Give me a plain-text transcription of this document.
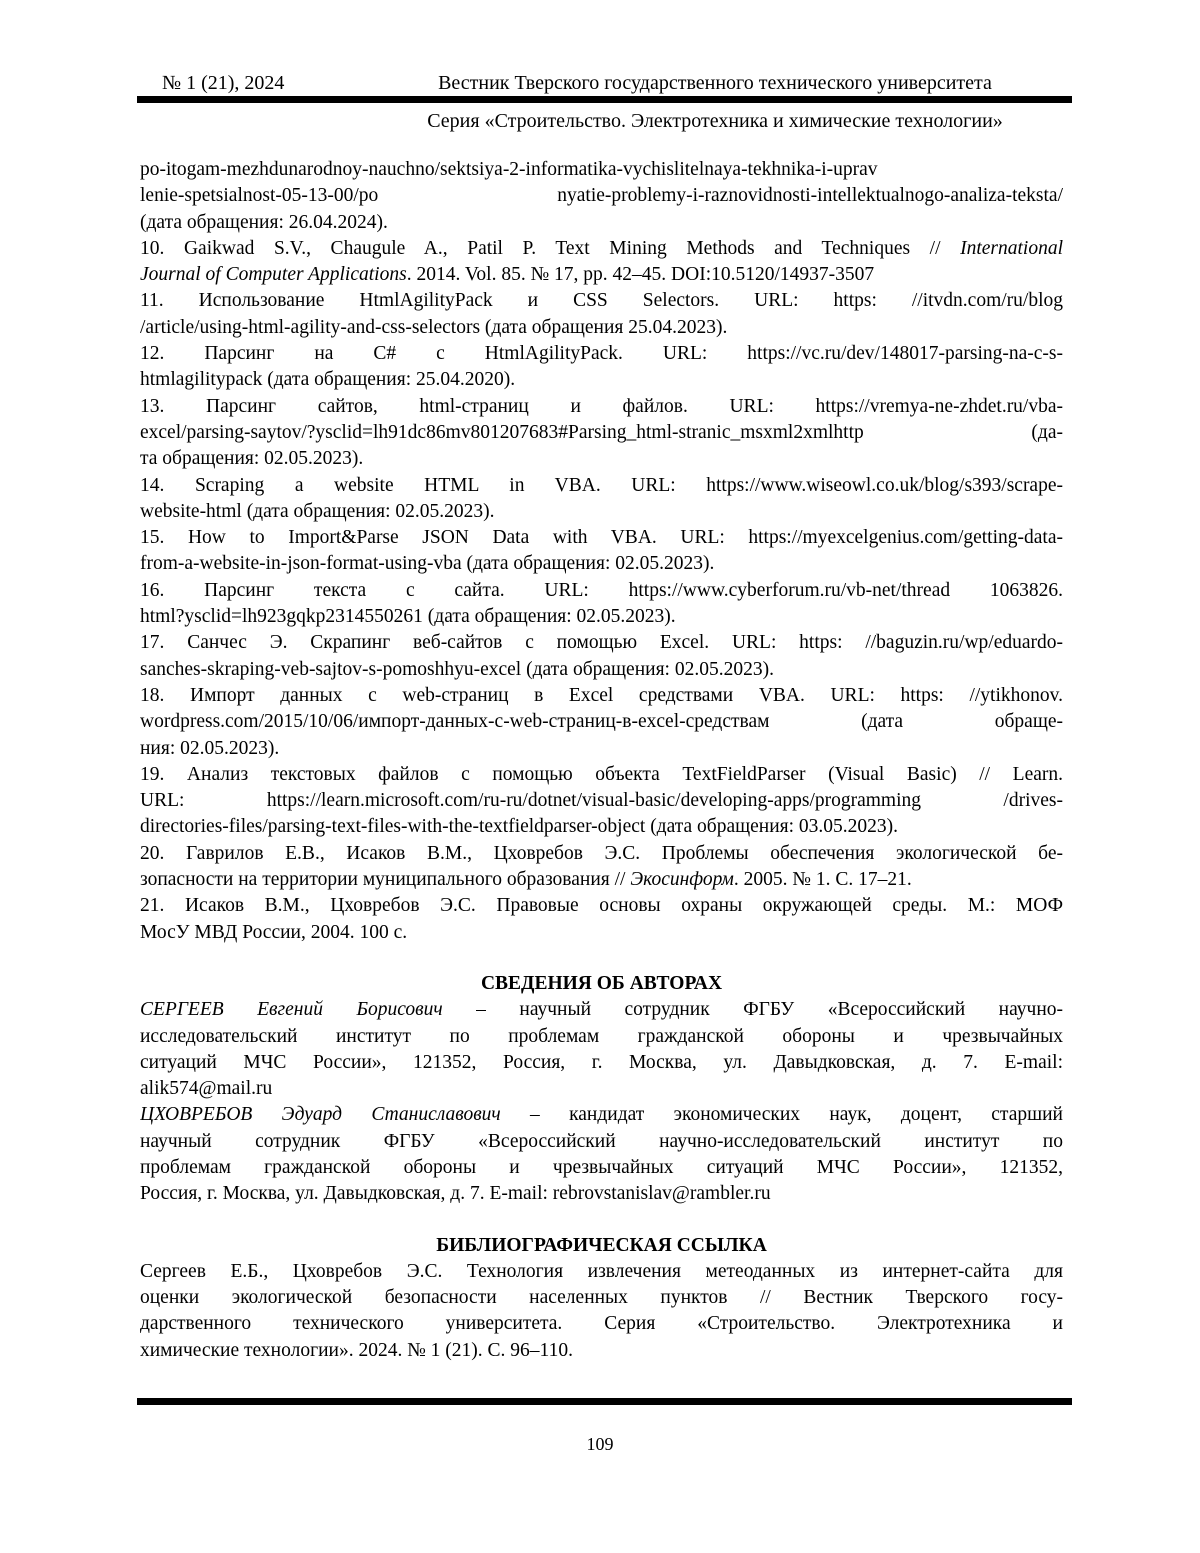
№ 1 (21), 2024	Вестник Тверского государственного технического университета
Серия «Строительство. Электротехника и химические технологии»
po-itogam-mezhdunarodnoy-nauchno/sektsiya-2-informatika-vychislitelnaya-tekhnika-i-uprav
lenie-spetsialnost-05-13-00/po nyatie-problemy-i-raznovidnosti-intellektualnogo-analiza-teksta/
(дата обращения: 26.04.2024).
10. Gaikwad S.V., Chaugule A., Patil P. Text Mining Methods and Techniques // International
Journal of Computer Applications. 2014. Vol. 85. № 17, pp. 42–45. DOI:10.5120/14937-3507
11. Использование HtmlAgilityPack и CSS Selectors. URL: https: //itvdn.com/ru/blog
/article/using-html-agility-and-css-selectors (дата обращения 25.04.2023).
12. Парсинг на C# с HtmlAgilityPack. URL: https://vc.ru/dev/148017-parsing-na-c-s-
htmlagilitypack (дата обращения: 25.04.2020).
13. Парсинг сайтов, html-страниц и файлов. URL: https://vremya-ne-zhdet.ru/vba-
excel/parsing-saytov/?ysclid=lh91dc86mv801207683#Parsing_html-stranic_msxml2xmlhttp (да-
та обращения: 02.05.2023).
14. Scraping a website HTML in VBA. URL: https://www.wiseowl.co.uk/blog/s393/scrape-
website-html (дата обращения: 02.05.2023).
15. How to Import&Parse JSON Data with VBA. URL: https://myexcelgenius.com/getting-data-
from-a-website-in-json-format-using-vba (дата обращения: 02.05.2023).
16. Парсинг текста с сайта. URL: https://www.cyberforum.ru/vb-net/thread 1063826.
html?ysclid=lh923gqkp2314550261 (дата обращения: 02.05.2023).
17. Санчес Э. Скрапинг веб-сайтов с помощью Excel. URL: https: //baguzin.ru/wp/eduardo-
sanches-skraping-veb-sajtov-s-pomoshhyu-excel (дата обращения: 02.05.2023).
18. Импорт данных с web-страниц в Excel средствами VBA. URL: https: //ytikhonov.
wordpress.com/2015/10/06/импорт-данных-с-web-страниц-в-excel-средствам (дата обраще-
ния: 02.05.2023).
19. Анализ текстовых файлов с помощью объекта TextFieldParser (Visual Basic) // Learn.
URL: https://learn.microsoft.com/ru-ru/dotnet/visual-basic/developing-apps/programming /drives-
directories-files/parsing-text-files-with-the-textfieldparser-object (дата обращения: 03.05.2023).
20. Гаврилов Е.В., Исаков В.М., Цховребов Э.С. Проблемы обеспечения экологической бе-
зопасности на территории муниципального образования // Экосинформ. 2005. № 1. С. 17–21.
21. Исаков В.М., Цховребов Э.С. Правовые основы охраны окружающей среды. М.: МОФ
МосУ МВД России, 2004. 100 с.
СВЕДЕНИЯ ОБ АВТОРАХ
СЕРГЕЕВ Евгений Борисович – научный сотрудник ФГБУ «Всероссийский научно-
исследовательский институт по проблемам гражданской обороны и чрезвычайных
ситуаций МЧС России», 121352, Россия, г. Москва, ул. Давыдковская, д. 7. E-mail:
alik574@mail.ru
ЦХОВРЕБОВ Эдуард Станиславович – кандидат экономических наук, доцент, старший
научный сотрудник ФГБУ «Всероссийский научно-исследовательский институт по
проблемам гражданской обороны и чрезвычайных ситуаций МЧС России», 121352,
Россия, г. Москва, ул. Давыдковская, д. 7. E-mail: rebrovstanislav@rambler.ru
БИБЛИОГРАФИЧЕСКАЯ ССЫЛКА
Сергеев Е.Б., Цховребов Э.С. Технология извлечения метеоданных из интернет-сайта для
оценки экологической безопасности населенных пунктов // Вестник Тверского госу-
дарственного технического университета. Серия «Строительство. Электротехника и
химические технологии». 2024. № 1 (21). С. 96–110.
109
